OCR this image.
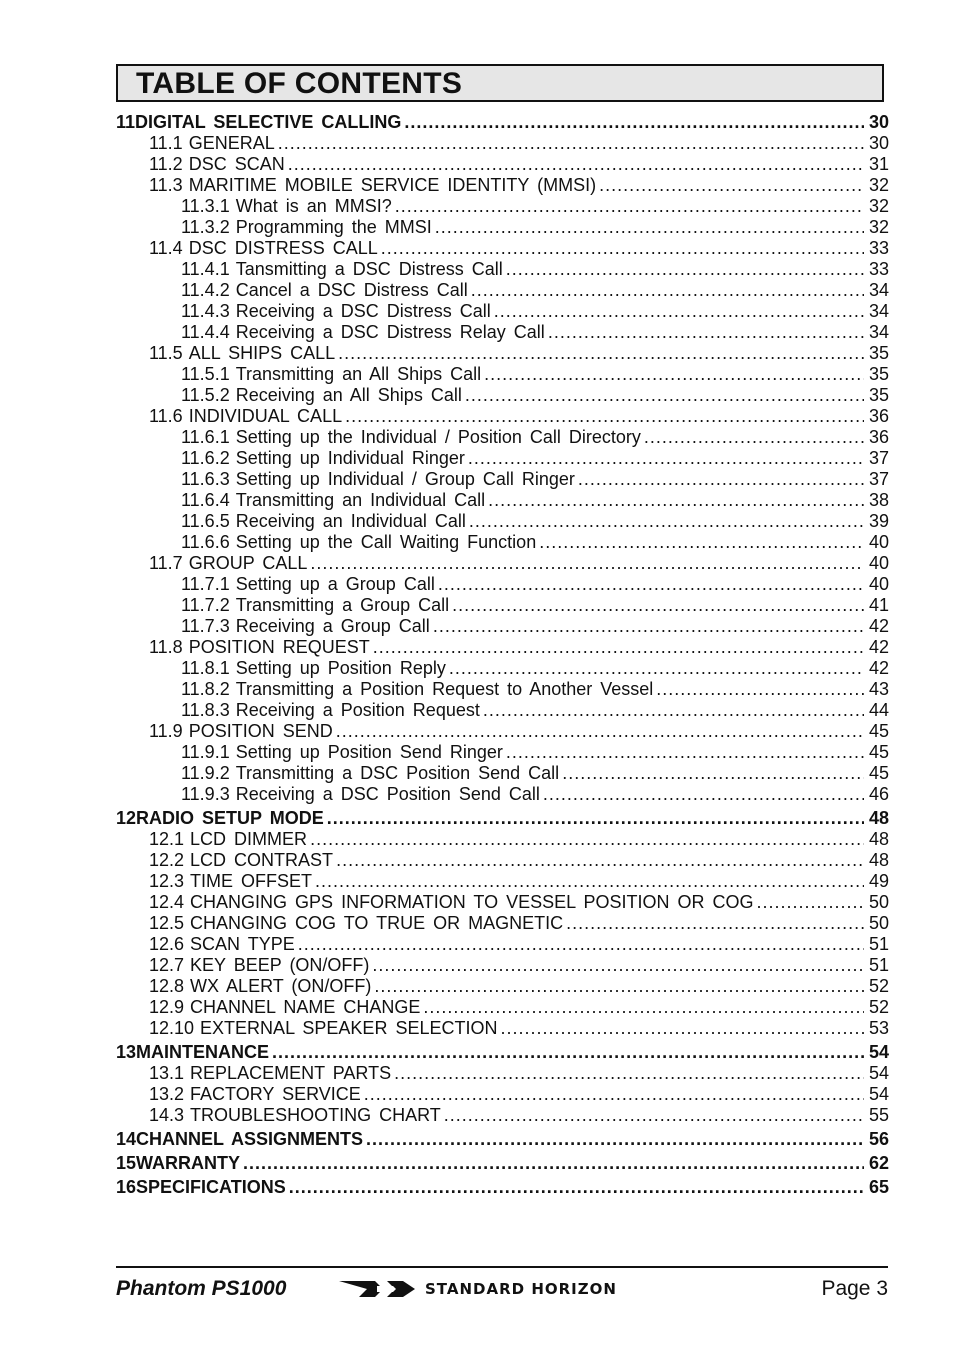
TABLE OF CONTENTS
11 DIGITAL SELECTIVE CALLING .....	30
11.1 GENERAL .....	30
11.2 DSC SCAN .....	31
11.3 MARITIME MOBILE SERVICE IDENTITY (MMSI) .....	32
11.3.1 What is an MMSI? .....	32
11.3.2 Programming the MMSI .....	32
11.4 DSC DISTRESS CALL .....	33
11.4.1 Tansmitting a DSC Distress Call .....	33
11.4.2 Cancel a DSC Distress Call .....	34
11.4.3 Receiving a DSC Distress Call .....	34
11.4.4 Receiving a DSC Distress Relay Call .....	34
11.5 ALL SHIPS CALL .....	35
11.5.1 Transmitting an All Ships Call .....	35
11.5.2 Receiving an All Ships Call .....	35
11.6 INDIVIDUAL CALL .....	36
11.6.1 Setting up the Individual / Position Call Directory .....	36
11.6.2 Setting up Individual Ringer .....	37
11.6.3 Setting up Individual / Group Call Ringer .....	37
11.6.4 Transmitting an Individual Call .....	38
11.6.5 Receiving an Individual Call .....	39
11.6.6 Setting up the Call Waiting Function .....	40
11.7 GROUP CALL .....	40
11.7.1 Setting up a Group Call .....	40
11.7.2 Transmitting a Group Call .....	41
11.7.3 Receiving a Group Call .....	42
11.8 POSITION REQUEST .....	42
11.8.1 Setting up Position Reply .....	42
11.8.2 Transmitting a Position Request to Another Vessel .....	43
11.8.3 Receiving a Position Request .....	44
11.9 POSITION SEND .....	45
11.9.1 Setting up Position Send Ringer .....	45
11.9.2 Transmitting a DSC Position Send Call .....	45
11.9.3 Receiving a DSC Position Send Call .....	46
12 RADIO SETUP MODE .....	48
12.1 LCD DIMMER .....	48
12.2 LCD CONTRAST .....	48
12.3 TIME OFFSET .....	49
12.4 CHANGING GPS INFORMATION TO VESSEL POSITION OR COG .....	50
12.5 CHANGING COG TO TRUE OR MAGNETIC .....	50
12.6 SCAN TYPE .....	51
12.7 KEY BEEP (ON/OFF) .....	51
12.8 WX ALERT (ON/OFF) .....	52
12.9 CHANNEL NAME CHANGE .....	52
12.10 EXTERNAL SPEAKER SELECTION .....	53
13 MAINTENANCE .....	54
13.1 REPLACEMENT PARTS .....	54
13.2 FACTORY SERVICE .....	54
14.3 TROUBLESHOOTING CHART .....	55
14 CHANNEL ASSIGNMENTS .....	56
15 WARRANTY .....	62
16 SPECIFICATIONS .....	65
Phantom PS1000	STANDARD HORIZON	Page 3
